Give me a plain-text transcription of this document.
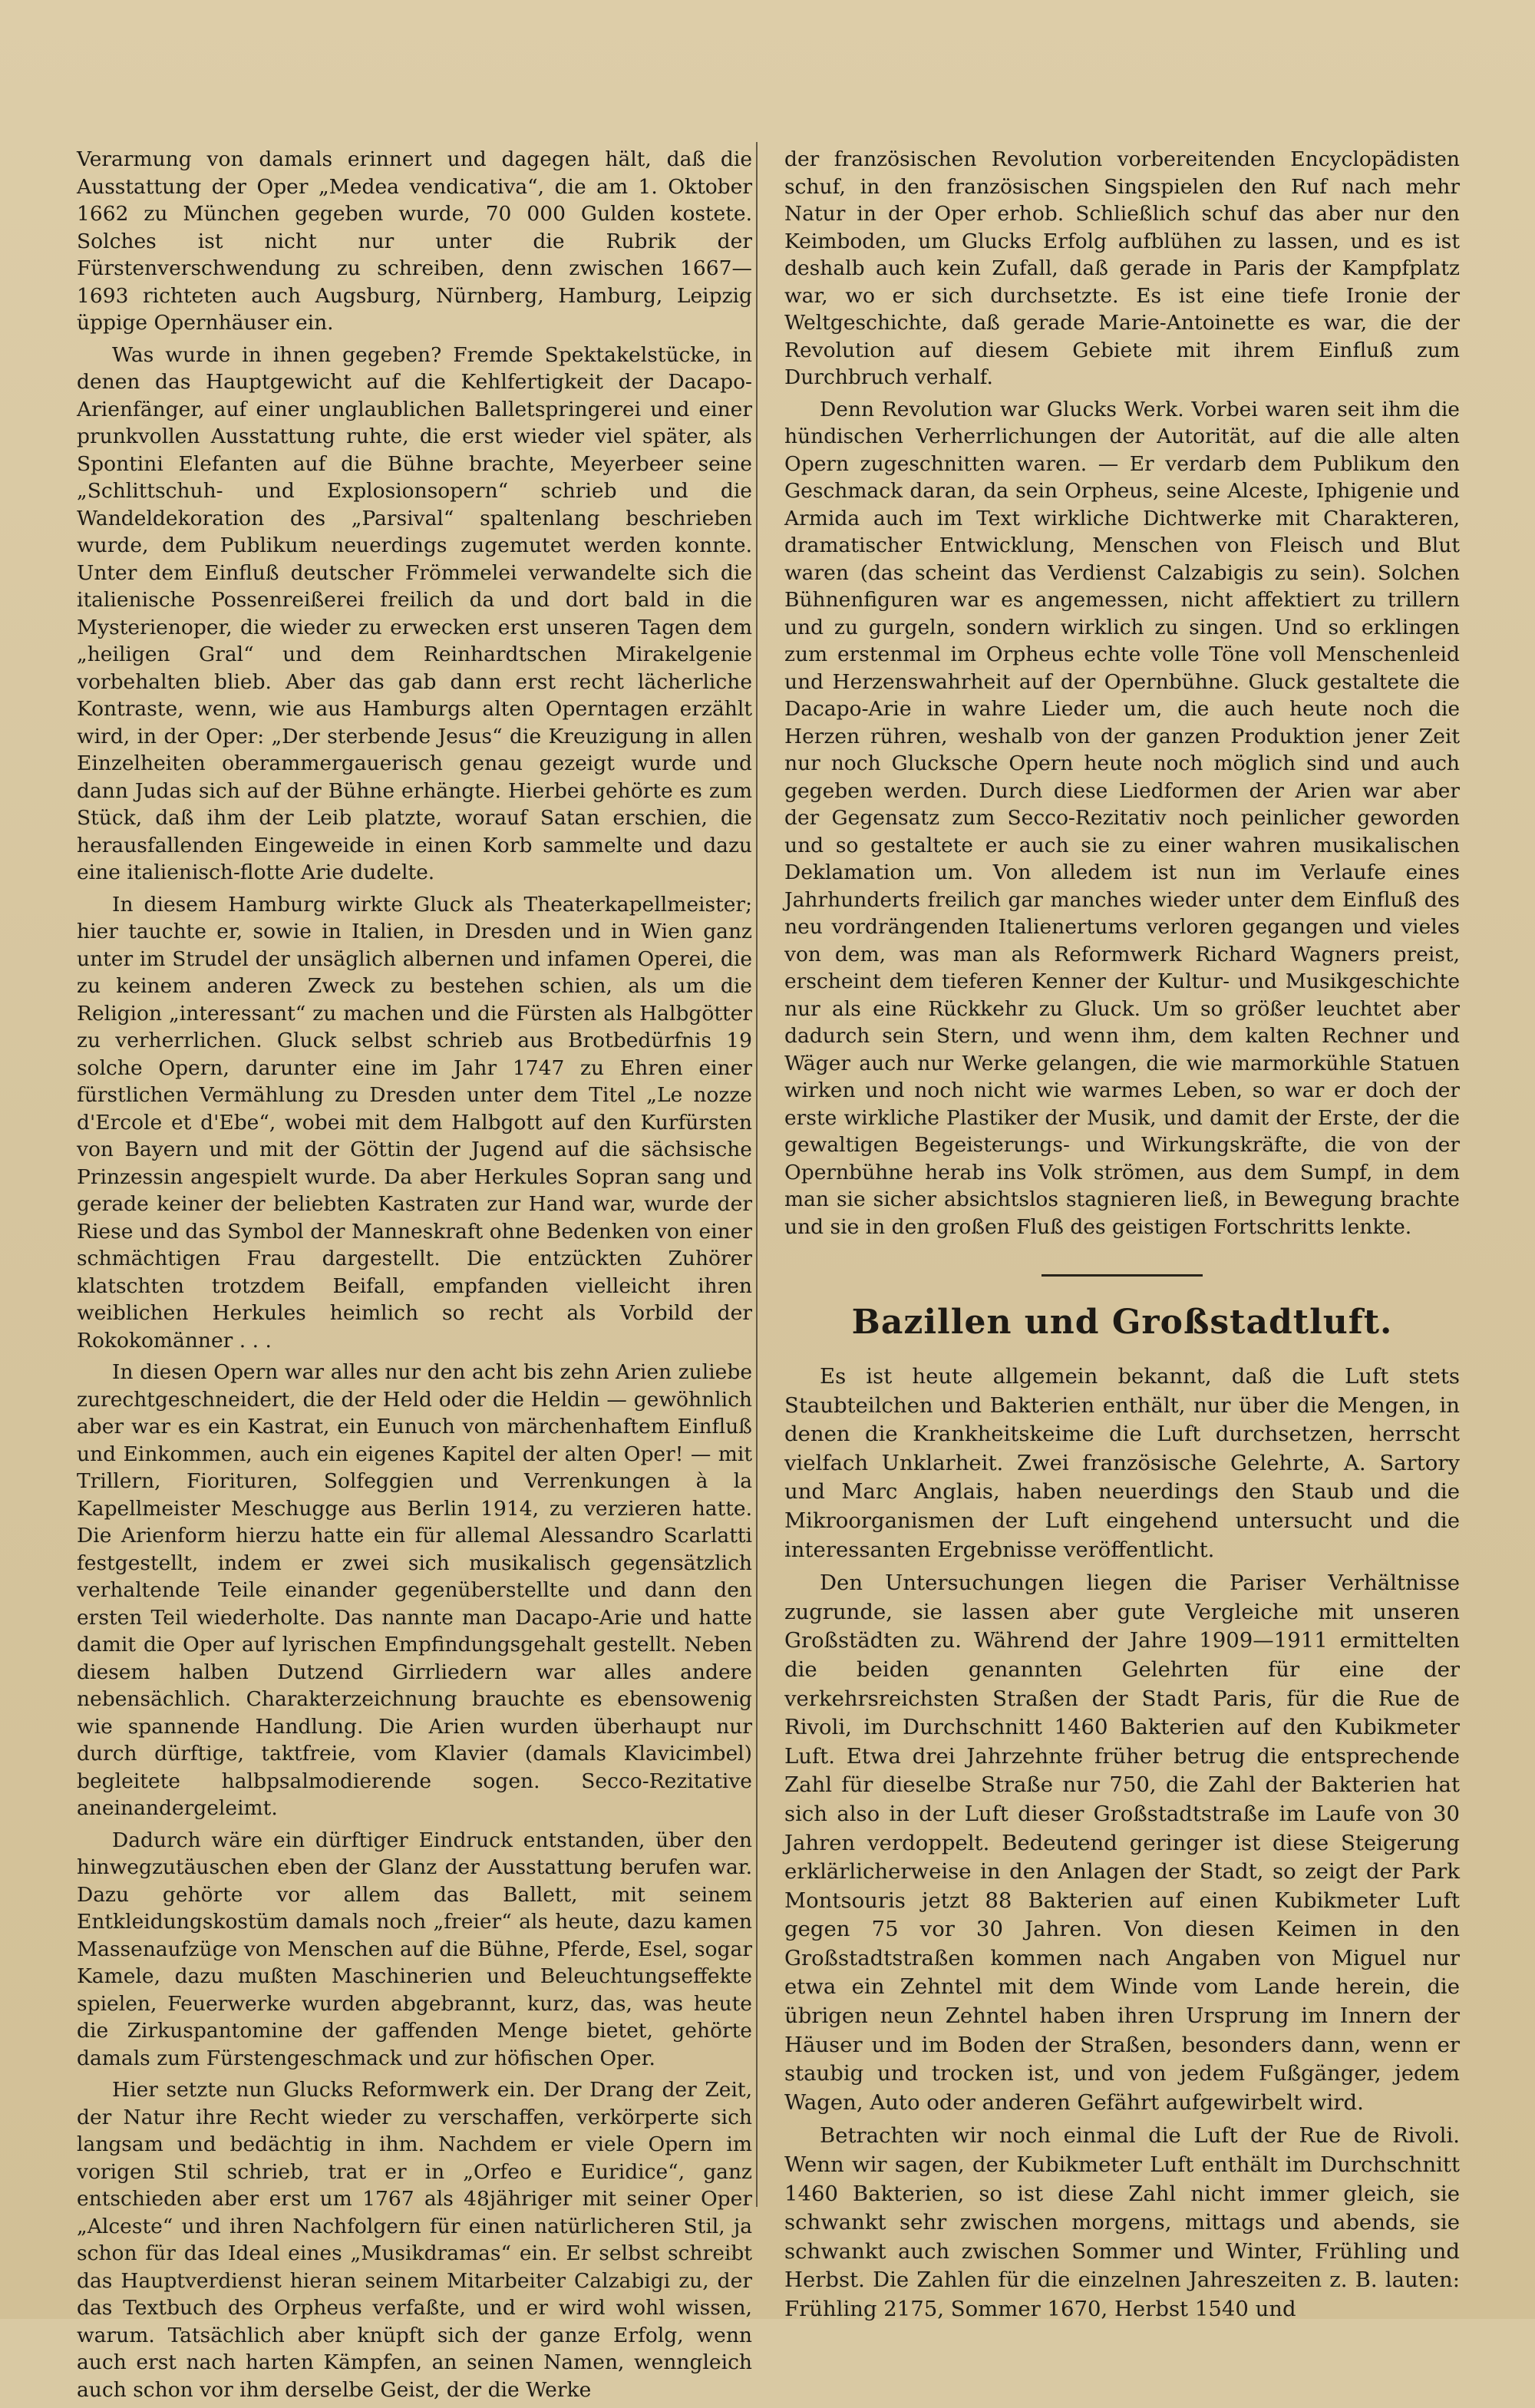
Verarmung von damals erinnert und dagegen hält, daß die Ausstattung der Oper „Medea vendicativa“, die am 1. Oktober 1662 zu München gegeben wurde, 70 000 Gulden kostete. Solches ist nicht nur unter die Rubrik der Fürstenverschwendung zu schreiben, denn zwischen 1667—1693 richteten auch Augsburg, Nürnberg, Hamburg, Leipzig üppige Opernhäuser ein.

Was wurde in ihnen gegeben? Fremde Spektakelstücke, in denen das Hauptgewicht auf die Kehlfertigkeit der Dacapo-Arienfänger, auf einer unglaublichen Balletspringerei und einer prunkvollen Ausstattung ruhte, die erst wieder viel später, als Spontini Elefanten auf die Bühne brachte, Meyerbeer seine „Schlittschuh- und Explosionsopern“ schrieb und die Wandeldekoration des „Parsival“ spaltenlang beschrieben wurde, dem Publikum neuerdings zugemutet werden konnte. Unter dem Einfluß deutscher Frömmelei verwandelte sich die italienische Possenreißerei freilich da und dort bald in die Mysterienoper, die wieder zu erwecken erst unseren Tagen dem „heiligen Gral“ und dem Reinhardtschen Mirakelgenie vorbehalten blieb. Aber das gab dann erst recht lächerliche Kontraste, wenn, wie aus Hamburgs alten Operntagen erzählt wird, in der Oper: „Der sterbende Jesus“ die Kreuzigung in allen Einzelheiten oberammergauerisch genau gezeigt wurde und dann Judas sich auf der Bühne erhängte. Hierbei gehörte es zum Stück, daß ihm der Leib platzte, worauf Satan erschien, die herausfallenden Eingeweide in einen Korb sammelte und dazu eine italienisch-flotte Arie dudelte.

In diesem Hamburg wirkte Gluck als Theaterkapellmeister; hier tauchte er, sowie in Italien, in Dresden und in Wien ganz unter im Strudel der unsäglich albernen und infamen Operei, die zu keinem anderen Zweck zu bestehen schien, als um die Religion „interessant“ zu machen und die Fürsten als Halbgötter zu verherrlichen. Gluck selbst schrieb aus Brotbedürfnis 19 solche Opern, darunter eine im Jahr 1747 zu Ehren einer fürstlichen Vermählung zu Dresden unter dem Titel „Le nozze d'Ercole et d'Ebe“, wobei mit dem Halbgott auf den Kurfürsten von Bayern und mit der Göttin der Jugend auf die sächsische Prinzessin angespielt wurde. Da aber Herkules Sopran sang und gerade keiner der beliebten Kastraten zur Hand war, wurde der Riese und das Symbol der Manneskraft ohne Bedenken von einer schmächtigen Frau dargestellt. Die entzückten Zuhörer klatschten trotzdem Beifall, empfanden vielleicht ihren weiblichen Herkules heimlich so recht als Vorbild der Rokokomänner . . .

In diesen Opern war alles nur den acht bis zehn Arien zuliebe zurechtgeschneidert, die der Held oder die Heldin — gewöhnlich aber war es ein Kastrat, ein Eunuch von märchenhaftem Einfluß und Einkommen, auch ein eigenes Kapitel der alten Oper! — mit Trillern, Fiorituren, Solfeggien und Verrenkungen à la Kapellmeister Meschugge aus Berlin 1914, zu verzieren hatte. Die Arienform hierzu hatte ein für allemal Alessandro Scarlatti festgestellt, indem er zwei sich musikalisch gegensätzlich verhaltende Teile einander gegenüberstellte und dann den ersten Teil wiederholte. Das nannte man Dacapo-Arie und hatte damit die Oper auf lyrischen Empfindungsgehalt gestellt. Neben diesem halben Dutzend Girrliedern war alles andere nebensächlich. Charakterzeichnung brauchte es ebensowenig wie spannende Handlung. Die Arien wurden überhaupt nur durch dürftige, taktfreie, vom Klavier (damals Klavicimbel) begleitete halbpsalmodierende sogen. Secco-Rezitative aneinandergeleimt.

Dadurch wäre ein dürftiger Eindruck entstanden, über den hinwegzutäuschen eben der Glanz der Ausstattung berufen war. Dazu gehörte vor allem das Ballett, mit seinem Entkleidungskostüm damals noch „freier“ als heute, dazu kamen Massenaufzüge von Menschen auf die Bühne, Pferde, Esel, sogar Kamele, dazu mußten Maschinerien und Beleuchtungseffekte spielen, Feuerwerke wurden abgebrannt, kurz, das, was heute die Zirkuspantomine der gaffenden Menge bietet, gehörte damals zum Fürstengeschmack und zur höfischen Oper.

Hier setzte nun Glucks Reformwerk ein. Der Drang der Zeit, der Natur ihre Recht wieder zu verschaffen, verkörperte sich langsam und bedächtig in ihm. Nachdem er viele Opern im vorigen Stil schrieb, trat er in „Orfeo e Euridice“, ganz entschieden aber erst um 1767 als 48jähriger mit seiner Oper „Alceste“ und ihren Nachfolgern für einen natürlicheren Stil, ja schon für das Ideal eines „Musikdramas“ ein. Er selbst schreibt das Hauptverdienst hieran seinem Mitarbeiter Calzabigi zu, der das Textbuch des Orpheus verfaßte, und er wird wohl wissen, warum. Tatsächlich aber knüpft sich der ganze Erfolg, wenn auch erst nach harten Kämpfen, an seinen Namen, wenngleich auch schon vor ihm derselbe Geist, der die Werke

der französischen Revolution vorbereitenden Encyclopädisten schuf, in den französischen Singspielen den Ruf nach mehr Natur in der Oper erhob. Schließlich schuf das aber nur den Keimboden, um Glucks Erfolg aufblühen zu lassen, und es ist deshalb auch kein Zufall, daß gerade in Paris der Kampfplatz war, wo er sich durchsetzte. Es ist eine tiefe Ironie der Weltgeschichte, daß gerade Marie-Antoinette es war, die der Revolution auf diesem Gebiete mit ihrem Einfluß zum Durchbruch verhalf.

Denn Revolution war Glucks Werk. Vorbei waren seit ihm die hündischen Verherrlichungen der Autorität, auf die alle alten Opern zugeschnitten waren. — Er verdarb dem Publikum den Geschmack daran, da sein Orpheus, seine Alceste, Iphigenie und Armida auch im Text wirkliche Dichtwerke mit Charakteren, dramatischer Entwicklung, Menschen von Fleisch und Blut waren (das scheint das Verdienst Calzabigis zu sein). Solchen Bühnenfiguren war es angemessen, nicht affektiert zu trillern und zu gurgeln, sondern wirklich zu singen. Und so erklingen zum erstenmal im Orpheus echte volle Töne voll Menschenleid und Herzenswahrheit auf der Opernbühne. Gluck gestaltete die Dacapo-Arie in wahre Lieder um, die auch heute noch die Herzen rühren, weshalb von der ganzen Produktion jener Zeit nur noch Glucksche Opern heute noch möglich sind und auch gegeben werden. Durch diese Liedformen der Arien war aber der Gegensatz zum Secco-Rezitativ noch peinlicher geworden und so gestaltete er auch sie zu einer wahren musikalischen Deklamation um. Von alledem ist nun im Verlaufe eines Jahrhunderts freilich gar manches wieder unter dem Einfluß des neu vordrängenden Italienertums verloren gegangen und vieles von dem, was man als Reformwerk Richard Wagners preist, erscheint dem tieferen Kenner der Kultur- und Musikgeschichte nur als eine Rückkehr zu Gluck. Um so größer leuchtet aber dadurch sein Stern, und wenn ihm, dem kalten Rechner und Wäger auch nur Werke gelangen, die wie marmorkühle Statuen wirken und noch nicht wie warmes Leben, so war er doch der erste wirkliche Plastiker der Musik, und damit der Erste, der die gewaltigen Begeisterungs- und Wirkungskräfte, die von der Opernbühne herab ins Volk strömen, aus dem Sumpf, in dem man sie sicher absichtslos stagnieren ließ, in Bewegung brachte und sie in den großen Fluß des geistigen Fortschritts lenkte.

Bazillen und Großstadtluft.

Es ist heute allgemein bekannt, daß die Luft stets Staubteilchen und Bakterien enthält, nur über die Mengen, in denen die Krankheitskeime die Luft durchsetzen, herrscht vielfach Unklarheit. Zwei französische Gelehrte, A. Sartory und Marc Anglais, haben neuerdings den Staub und die Mikroorganismen der Luft eingehend untersucht und die interessanten Ergebnisse veröffentlicht.

Den Untersuchungen liegen die Pariser Verhältnisse zugrunde, sie lassen aber gute Vergleiche mit unseren Großstädten zu. Während der Jahre 1909—1911 ermittelten die beiden genannten Gelehrten für eine der verkehrsreichsten Straßen der Stadt Paris, für die Rue de Rivoli, im Durchschnitt 1460 Bakterien auf den Kubikmeter Luft. Etwa drei Jahrzehnte früher betrug die entsprechende Zahl für dieselbe Straße nur 750, die Zahl der Bakterien hat sich also in der Luft dieser Großstadtstraße im Laufe von 30 Jahren verdoppelt. Bedeutend geringer ist diese Steigerung erklärlicherweise in den Anlagen der Stadt, so zeigt der Park Montsouris jetzt 88 Bakterien auf einen Kubikmeter Luft gegen 75 vor 30 Jahren. Von diesen Keimen in den Großstadtstraßen kommen nach Angaben von Miguel nur etwa ein Zehntel mit dem Winde vom Lande herein, die übrigen neun Zehntel haben ihren Ursprung im Innern der Häuser und im Boden der Straßen, besonders dann, wenn er staubig und trocken ist, und von jedem Fußgänger, jedem Wagen, Auto oder anderen Gefährt aufgewirbelt wird.

Betrachten wir noch einmal die Luft der Rue de Rivoli. Wenn wir sagen, der Kubikmeter Luft enthält im Durchschnitt 1460 Bakterien, so ist diese Zahl nicht immer gleich, sie schwankt sehr zwischen morgens, mittags und abends, sie schwankt auch zwischen Sommer und Winter, Frühling und Herbst. Die Zahlen für die einzelnen Jahreszeiten z. B. lauten: Frühling 2175, Sommer 1670, Herbst 1540 und
